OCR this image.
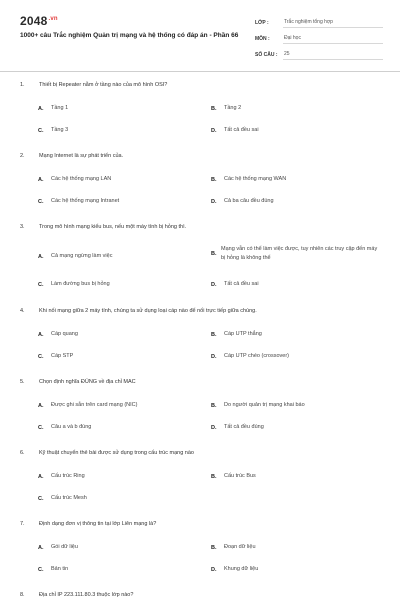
$2048^{.vn}$
1000+ câu Trắc nghiệm Quản trị mạng và hệ thống có đáp án - Phần 66
LỚP :	Trắc nghiệm tổng hợp
MÔN :	Đại học
SỐ CÂU :	25
1.	Thiết bị Repeater nằm ở tầng nào của mô hình OSI?
A.	Tầng 1	B.	Tầng 2
C.	Tầng 3	D.	Tất cả đều sai
2.	Mạng Internet là sự phát triển của.
A.	Các hệ thống mạng LAN	B.	Các hệ thống mạng WAN
C.	Các hệ thống mạng Intranet	D.	Cả ba câu đều đúng
3.	Trong mô hình mạng kiểu bus, nếu một máy tính bị hỏng thì.
A.	Cả mạng ngừng làm việc	B.
Mạng vẫn có thể làm việc được, tuy nhiên các truy cập đến máy bị hỏng là không thể
C.	Làm đường bus bị hỏng	D.	Tất cả đều sai
4.	Khi nối mạng giữa 2 máy tính, chúng ta sử dụng loại cáp nào để nối trực tiếp giữa chúng.
A.	Cáp quang	B.	Cáp UTP thẳng
C.	Cáp STP	D.	Cáp UTP chéo (crossover)
5.	Chọn định nghĩa ĐÚNG về địa chỉ MAC
A.	Được ghi sẵn trên card mạng (NIC)	B.	Do người quản trị mạng khai báo
C.	Câu a và b đúng	D.	Tất cả đều đúng
6.	Kỹ thuật chuyển thẻ bài được sử dụng trong cấu trúc mạng nào
A.	Cấu trúc Ring	B.	Cấu trúc Bus
C.	Cấu trúc Mesh
7.	Định dạng đơn vị thông tin tại lớp Liên mạng là?
A.	Gói dữ liệu	B.	Đoạn dữ liệu
C.	Bản tin	D.	Khung dữ liệu
8.	Địa chỉ IP 223.111.80.3 thuộc lớp nào?
